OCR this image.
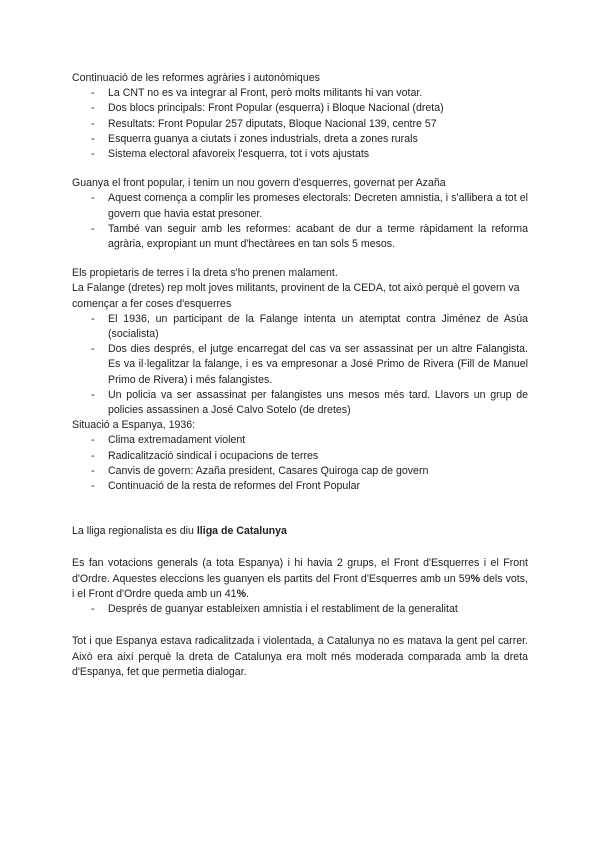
Continuació de les reformes agràries i autonòmiques

- La CNT no es va integrar al Front, però molts militants hi van votar.
- Dos blocs principals: Front Popular (esquerra) i Bloque Nacional (dreta)
- Resultats: Front Popular 257 diputats, Bloque Nacional 139, centre 57
- Esquerra guanya a ciutats i zones industrials, dreta a zones rurals
- Sistema electoral afavoreix l'esquerra, tot i vots ajustats

Guanya el front popular, i tenim un nou govern d'esquerres, governat per Azaña

- Aquest comença a complir les promeses electorals: Decreten amnistia, i s'allibera a tot el govern que havia estat presoner.
- També van seguir amb les reformes: acabant de dur a terme ràpidament la reforma agrària, expropiant un munt d'hectàrees en tan sols 5 mesos.

Els propietaris de terres i la dreta s'ho prenen malament.

La Falange (dretes) rep molt joves militants, provinent de la CEDA, tot això perquè el govern va començar a fer coses d'esquerres

- El 1936, un participant de la Falange intenta un atemptat contra Jiménez de Asúa (socialista)
- Dos dies després, el jutge encarregat del cas va ser assassinat per un altre Falangista. Es va il·legalitzar la falange, i es va empresonar a José Primo de Rivera (Fill de Manuel Primo de Rivera) i més falangistes.
- Un policia va ser assassinat per falangistes uns mesos més tard. Llavors un grup de policies assassinen a José Calvo Sotelo (de dretes)

Situació a Espanya, 1936:

- Clima extremadament violent
- Radicalització sindical i ocupacions de terres
- Canvis de govern: Azaña president, Casares Quiroga cap de govern
- Continuació de la resta de reformes del Front Popular

La lliga regionalista es diu lliga de Catalunya

Es fan votacions generals (a tota Espanya) i hi havia 2 grups, el Front d'Esquerres i el Front d'Ordre. Aquestes eleccions les guanyen els partits del Front d'Esquerres amb un 59% dels vots, i el Front d'Ordre queda amb un 41%.

- Després de guanyar estableixen amnistia i el restabliment de la generalitat

Tot i que Espanya estava radicalitzada i violentada, a Catalunya no es matava la gent pel carrer. Això era així perquè la dreta de Catalunya era molt més moderada comparada amb la dreta d'Espanya, fet que permetia dialogar.
